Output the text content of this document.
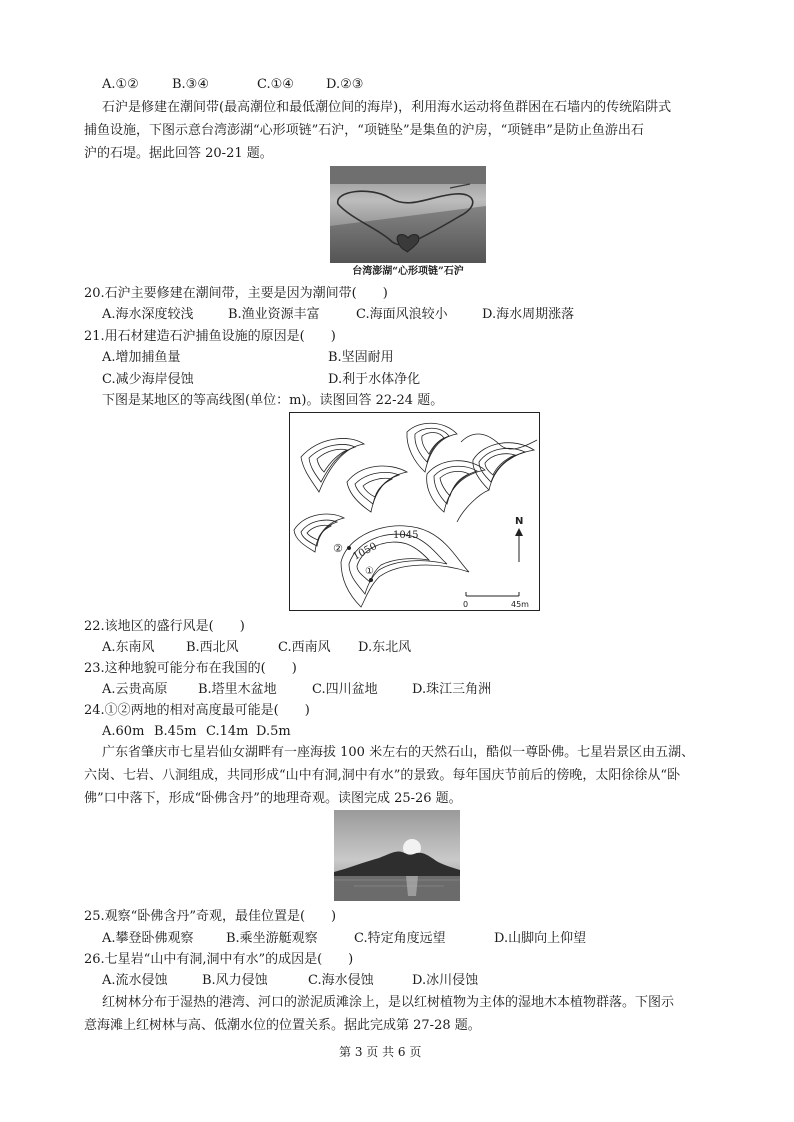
A.①②	B.③④	C.①④ D.②③
石沪是修建在潮间带(最高潮位和最低潮位间的海岸)，利用海水运动将鱼群困在石墙内的传统陷阱式
捕鱼设施，下图示意台湾澎湖“心形项链”石沪，“项链坠”是集鱼的沪房，“项链串”是防止鱼游出石
沪的石堤。据此回答 20-21 题。
台湾澎湖“心形项链”石沪
20.石沪主要修建在潮间带，主要是因为潮间带(　　)
A.海水深度较浅	B.渔业资源丰富	C.海面风浪较小	D.海水周期涨落
21.用石材建造石沪捕鱼设施的原因是(　　)
A.增加捕鱼量	B.坚固耐用
C.减少海岸侵蚀	D.利于水体净化
下图是某地区的等高线图(单位：m)。读图回答 22-24 题。
1045
1050
②
①
N
0	45m
22.该地区的盛行风是(　　)
A.东南风 B.西北风	C.西南风 D.东北风
23.这种地貌可能分布在我国的(　　)
A.云贵高原 B.塔里木盆地	C.四川盆地	D.珠江三角洲
24.①②两地的相对高度最可能是(　　)
A.60m B.45m C.14m D.5m
广东省肇庆市七星岩仙女湖畔有一座海拔 100 米左右的天然石山，酷似一尊卧佛。七星岩景区由五湖、
六岗、七岩、八洞组成，共同形成“山中有洞,洞中有水”的景致。每年国庆节前后的傍晚，太阳徐徐从“卧
佛”口中落下，形成“卧佛含丹”的地理奇观。读图完成 25-26 题。
25.观察“卧佛含丹”奇观，最佳位置是(　　)
A.攀登卧佛观察 B.乘坐游艇观察	C.特定角度远望	D.山脚向上仰望
26.七星岩“山中有洞,洞中有水”的成因是(　　)
A.流水侵蚀	B.风力侵蚀	C.海水侵蚀	D.冰川侵蚀
红树林分布于湿热的港湾、河口的淤泥质滩涂上，是以红树植物为主体的湿地木本植物群落。下图示
意海滩上红树林与高、低潮水位的位置关系。据此完成第 27-28 题。
第 3 页 共 6 页
